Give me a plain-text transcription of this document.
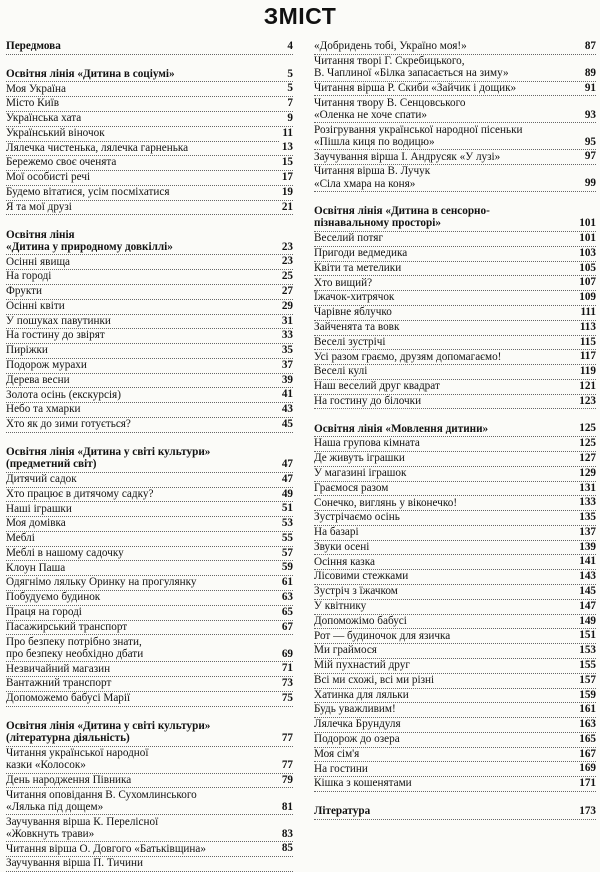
ЗМІСТ
Передмова	4
Освітня лінія «Дитина в соціумі»	5
Моя Україна	5
Місто Київ	7
Українська хата	9
Український віночок	11
Лялечка чистенька, лялечка гарненька	13
Бережемо своє оченята	15
Мої особисті речі	17
Будемо вітатися, усім посміхатися	19
Я та мої друзі	21
Освітня лінія
«Дитина у природному довкіллі»	23
Осінні явища	23
На городі	25
Фрукти	27
Осінні квіти	29
У пошуках павутинки	31
На гостину до звірят	33
Пиріжки	35
Подорож мурахи	37
Дерева весни	39
Золота осінь (екскурсія)	41
Небо та хмарки	43
Хто як до зими готується?	45
Освітня лінія «Дитина у світі культури»
(предметний світ)	47
Дитячий садок	47
Хто працює в дитячому садку?	49
Наші іграшки	51
Моя домівка	53
Меблі	55
Меблі в нашому садочку	57
Клоун Паша	59
Одягнімо ляльку Оринку на прогулянку	61
Побудуємо будинок	63
Праця на городі	65
Пасажирський транспорт	67
Про безпеку потрібно знати,
про безпеку необхідно дбати	69
Незвичайний магазин	71
Вантажний транспорт	73
Допоможемо бабусі Марії	75
Освітня лінія «Дитина у світі культури»
(літературна діяльність)	77
Читання української народної
казки «Колосок»	77
День народження Півника	79
Читання оповідання В. Сухомлинського
«Лялька під дощем»	81
Заучування вірша К. Перелісної
«Жовкнуть трави»	83
Читання вірша О. Довгого «Батьківщина»	85
Заучування вірша П. Тичини
«Добридень тобі, Україно моя!»	87
Читання творі Г. Скребицького,
В. Чаплиної «Білка запасається на зиму»	89
Читання вірша Р. Скиби «Зайчик і дощик»	91
Читання твору В. Сенцовського
«Оленка не хоче спати»	93
Розігрування української народної пісеньки
«Пішла киця по водицю»	95
Заучування вірша І. Андрусяк «У лузі»	97
Читання вірша В. Лучук
«Сіла хмара на коня»	99
Освітня лінія «Дитина в сенсорно-
пізнавальному просторі»	101
Веселий потяг	101
Пригоди ведмедика	103
Квіти та метелики	105
Хто вищий?	107
Їжачок-хитрячок	109
Чарівне яблучко	111
Зайченята та вовк	113
Веселі зустрічі	115
Усі разом граємо, друзям допомагаємо!	117
Веселі кулі	119
Наш веселий друг квадрат	121
На гостину до білочки	123
Освітня лінія «Мовлення дитини»	125
Наша групова кімната	125
Де живуть іграшки	127
У магазині іграшок	129
Граємося разом	131
Сонечко, виглянь у віконечко!	133
Зустрічаємо осінь	135
На базарі	137
Звуки осені	139
Осіння казка	141
Лісовими стежками	143
Зустріч з їжачком	145
У квітнику	147
Допоможімо бабусі	149
Рот — будиночок для язичка	151
Ми граймося	153
Мій пухнастий друг	155
Всі ми схожі, всі ми різні	157
Хатинка для ляльки	159
Будь уважливим!	161
Лялечка Брундуля	163
Подорож до озера	165
Моя сім'я	167
На гостини	169
Кішка з кошенятами	171
Література	173
